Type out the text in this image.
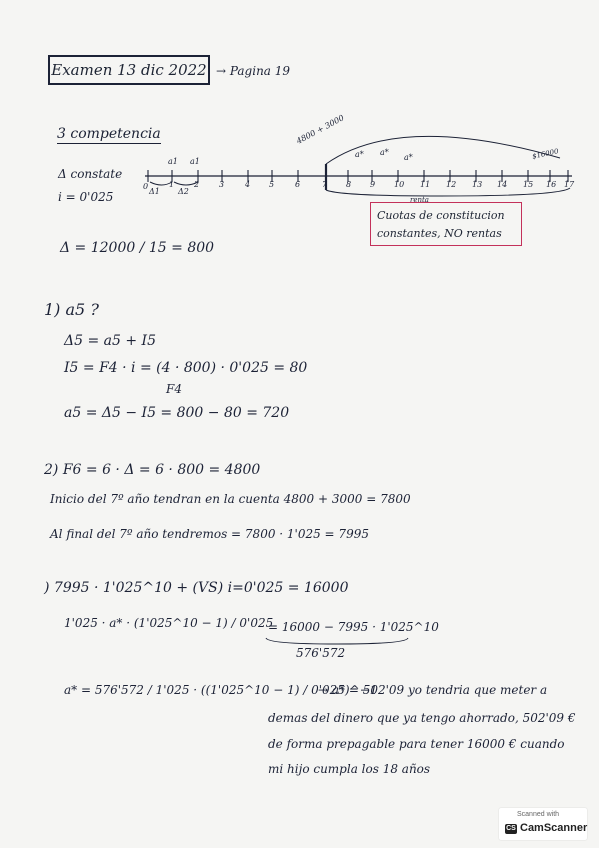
Examen 13 dic 2022 → Pagina 19
3 competencia
Δ constate
i = 0'025
4800 + 3000
$16000
a1 a1
Δ1 Δ2
a* a*
a*
renta
0	1 2 3	4 5	6	7 8 9 10 11 12 13 14 15 16 17
Cuotas de constitucion constantes, NO rentas
Δ = 12000 / 15 = 800
1) a5 ?
Δ5 = a5 + I5
I5 = F4 · i = (4 · 800) · 0'025 = 80
F4
a5 = Δ5 − I5 = 800 − 80 = 720
2) F6 = 6 · Δ = 6 · 800 = 4800
Inicio del 7º año tendran en la cuenta 4800 + 3000 = 7800
Al final del 7º año tendremos = 7800 · 1'025 = 7995
) 7995 · 1'025^10 + (VS) i=0'025 = 16000
1'025 · a* · (1'025^10 − 1) / 0'025
= 16000 − 7995 · 1'025^10
576'572
a* = 576'572 / 1'025 · ((1'025^10 − 1) / 0'025)^−1
→ a* = 502'09 yo tendria que meter a
demas del dinero que ya tengo ahorrado, 502'09 €
de forma prepagable para tener 16000 € cuando
mi hijo cumpla los 18 años
Scanned with
CS CamScanner
